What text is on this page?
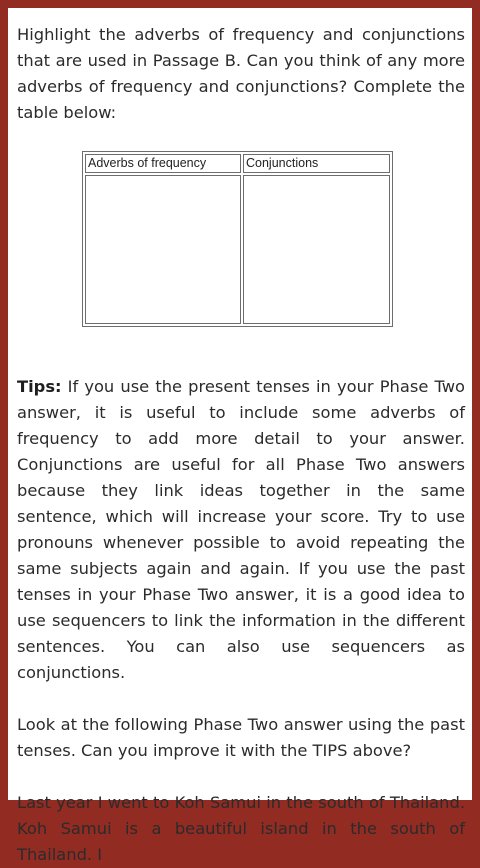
Highlight the adverbs of frequency and conjunctions that are used in Passage B. Can you think of any more adverbs of frequency and conjunctions? Complete the table below:

Adverbs of frequency	Conjunctions

Tips: If you use the present tenses in your Phase Two answer, it is useful to include some adverbs of frequency to add more detail to your answer. Conjunctions are useful for all Phase Two answers because they link ideas together in the same sentence, which will increase your score. Try to use pronouns whenever possible to avoid repeating the same subjects again and again. If you use the past tenses in your Phase Two answer, it is a good idea to use sequencers to link the information in the different sentences. You can also use sequencers as conjunctions.

Look at the following Phase Two answer using the past tenses. Can you improve it with the TIPS above?

Last year I went to Koh Samui in the south of Thailand. Koh Samui is a beautiful island in the south of Thailand. I
